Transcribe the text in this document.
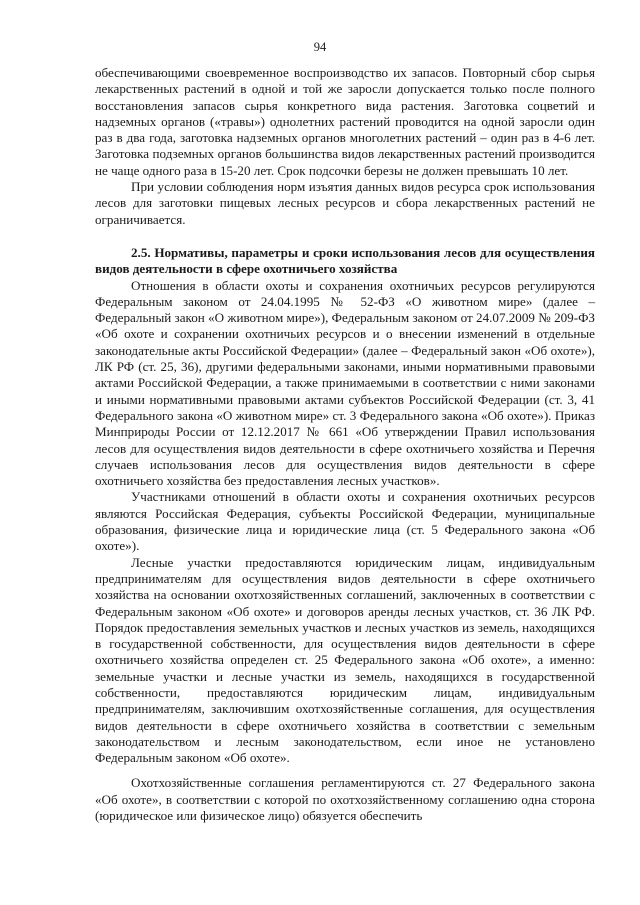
94

обеспечивающими своевременное воспроизводство их запасов. Повторный сбор сырья лекарственных растений в одной и той же заросли допускается только после полного восстановления запасов сырья конкретного вида растения. Заготовка соцветий и надземных органов («травы») однолетних растений проводится на одной заросли один раз в два года, заготовка надземных органов многолетних растений – один раз в 4-6 лет. Заготовка подземных органов большинства видов лекарственных растений производится не чаще одного раза в 15-20 лет. Срок подсочки березы не должен превышать 10 лет.

При условии соблюдения норм изъятия данных видов ресурса срок использования лесов для заготовки пищевых лесных ресурсов и сбора лекарственных растений не ограничивается.

2.5. Нормативы, параметры и сроки использования лесов для осуществления видов деятельности в сфере охотничьего хозяйства

Отношения в области охоты и сохранения охотничьих ресурсов регулируются Федеральным законом от 24.04.1995 № 52-ФЗ «О животном мире» (далее – Федеральный закон «О животном мире»), Федеральным законом от 24.07.2009 № 209-ФЗ «Об охоте и сохранении охотничьих ресурсов и о внесении изменений в отдельные законодательные акты Российской Федерации» (далее – Федеральный закон «Об охоте»), ЛК РФ (ст. 25, 36), другими федеральными законами, иными нормативными правовыми актами Российской Федерации, а также принимаемыми в соответствии с ними законами и иными нормативными правовыми актами субъектов Российской Федерации (ст. 3, 41 Федерального закона «О животном мире» ст. 3 Федерального закона «Об охоте»). Приказ Минприроды России от 12.12.2017 № 661 «Об утверждении Правил использования лесов для осуществления видов деятельности в сфере охотничьего хозяйства и Перечня случаев использования лесов для осуществления видов деятельности в сфере охотничьего хозяйства без предоставления лесных участков».

Участниками отношений в области охоты и сохранения охотничьих ресурсов являются Российская Федерация, субъекты Российской Федерации, муниципальные образования, физические лица и юридические лица (ст. 5 Федерального закона «Об охоте»).

Лесные участки предоставляются юридическим лицам, индивидуальным предпринимателям для осуществления видов деятельности в сфере охотничьего хозяйства на основании охотхозяйственных соглашений, заключенных в соответствии с Федеральным законом «Об охоте» и договоров аренды лесных участков, ст. 36 ЛК РФ. Порядок предоставления земельных участков и лесных участков из земель, находящихся в государственной собственности, для осуществления видов деятельности в сфере охотничьего хозяйства определен ст. 25 Федерального закона «Об охоте», а именно: земельные участки и лесные участки из земель, находящихся в государственной собственности, предоставляются юридическим лицам, индивидуальным предпринимателям, заключившим охотхозяйственные соглашения, для осуществления видов деятельности в сфере охотничьего хозяйства в соответствии с земельным законодательством и лесным законодательством, если иное не установлено Федеральным законом «Об охоте».

Охотхозяйственные соглашения регламентируются ст. 27 Федерального закона «Об охоте», в соответствии с которой по охотхозяйственному соглашению одна сторона (юридическое или физическое лицо) обязуется обеспечить
